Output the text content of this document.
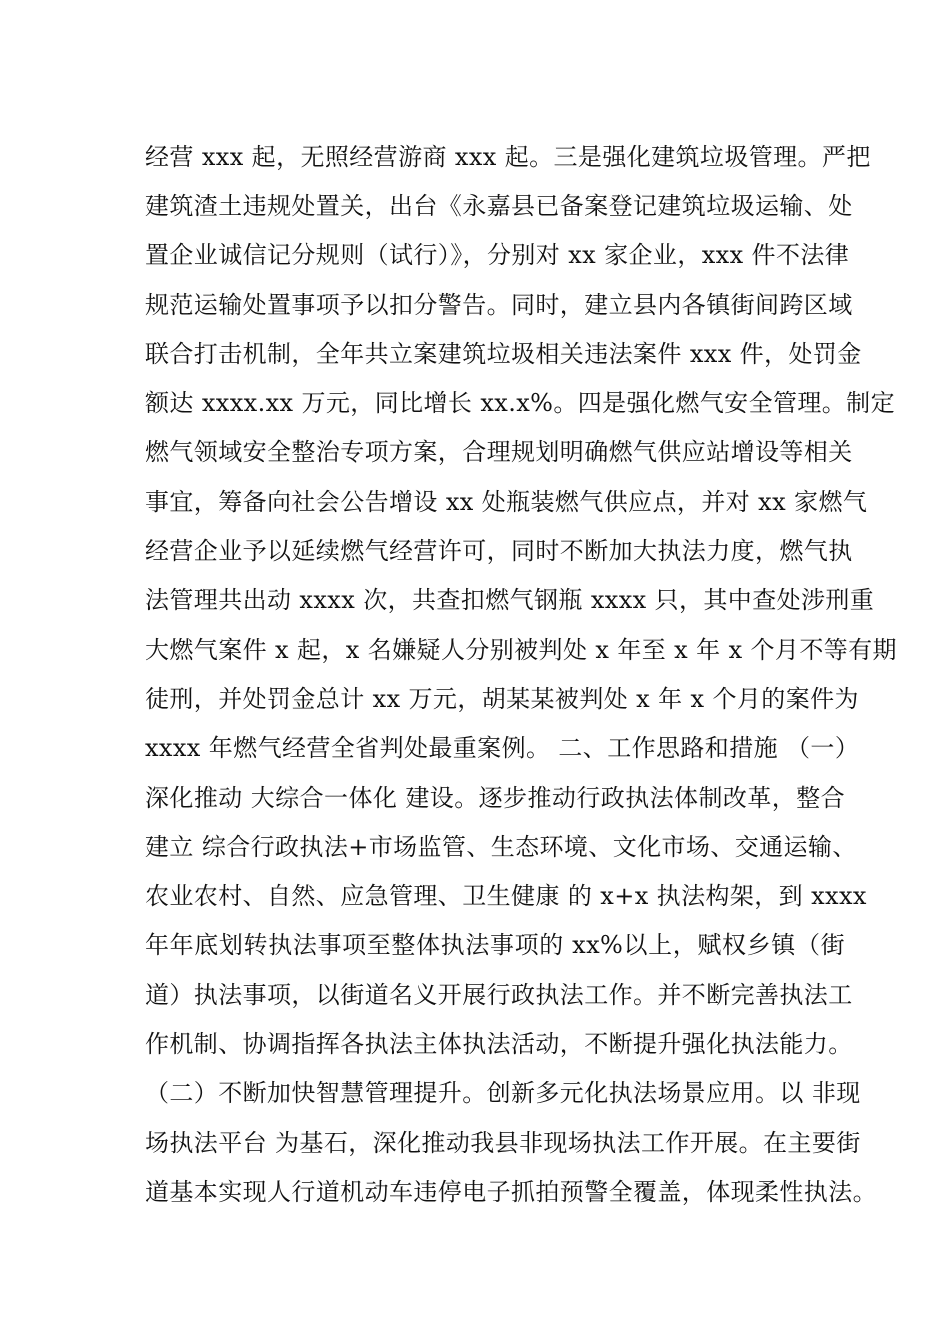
经营 xxx 起，无照经营游商 xxx 起。三是强化建筑垃圾管理。严把
建筑渣土违规处置关，出台《永嘉县已备案登记建筑垃圾运输、处
置企业诚信记分规则（试行）》，分别对 xx 家企业，xxx 件不法律
规范运输处置事项予以扣分警告。同时，建立县内各镇街间跨区域
联合打击机制，全年共立案建筑垃圾相关违法案件 xxx 件，处罚金
额达 xxxx.xx 万元，同比增长 xx.x%。四是强化燃气安全管理。制定
燃气领域安全整治专项方案，合理规划明确燃气供应站增设等相关
事宜，筹备向社会公告增设 xx 处瓶装燃气供应点，并对 xx 家燃气
经营企业予以延续燃气经营许可，同时不断加大执法力度，燃气执
法管理共出动 xxxx 次，共查扣燃气钢瓶 xxxx 只，其中查处涉刑重
大燃气案件 x 起，x 名嫌疑人分别被判处 x 年至 x 年 x 个月不等有期
徒刑，并处罚金总计 xx 万元，胡某某被判处 x 年 x 个月的案件为
xxxx 年燃气经营全省判处最重案例。 二、工作思路和措施 （一）
深化推动 大综合一体化 建设。逐步推动行政执法体制改革，整合
建立 综合行政执法+市场监管、生态环境、文化市场、交通运输、
农业农村、自然、应急管理、卫生健康 的 x+x 执法构架，到 xxxx
年年底划转执法事项至整体执法事项的 xx%以上，赋权乡镇（街
道）执法事项，以街道名义开展行政执法工作。并不断完善执法工
作机制、协调指挥各执法主体执法活动，不断提升强化执法能力。
（二）不断加快智慧管理提升。创新多元化执法场景应用。以 非现
场执法平台 为基石，深化推动我县非现场执法工作开展。在主要街
道基本实现人行道机动车违停电子抓拍预警全覆盖，体现柔性执法。
